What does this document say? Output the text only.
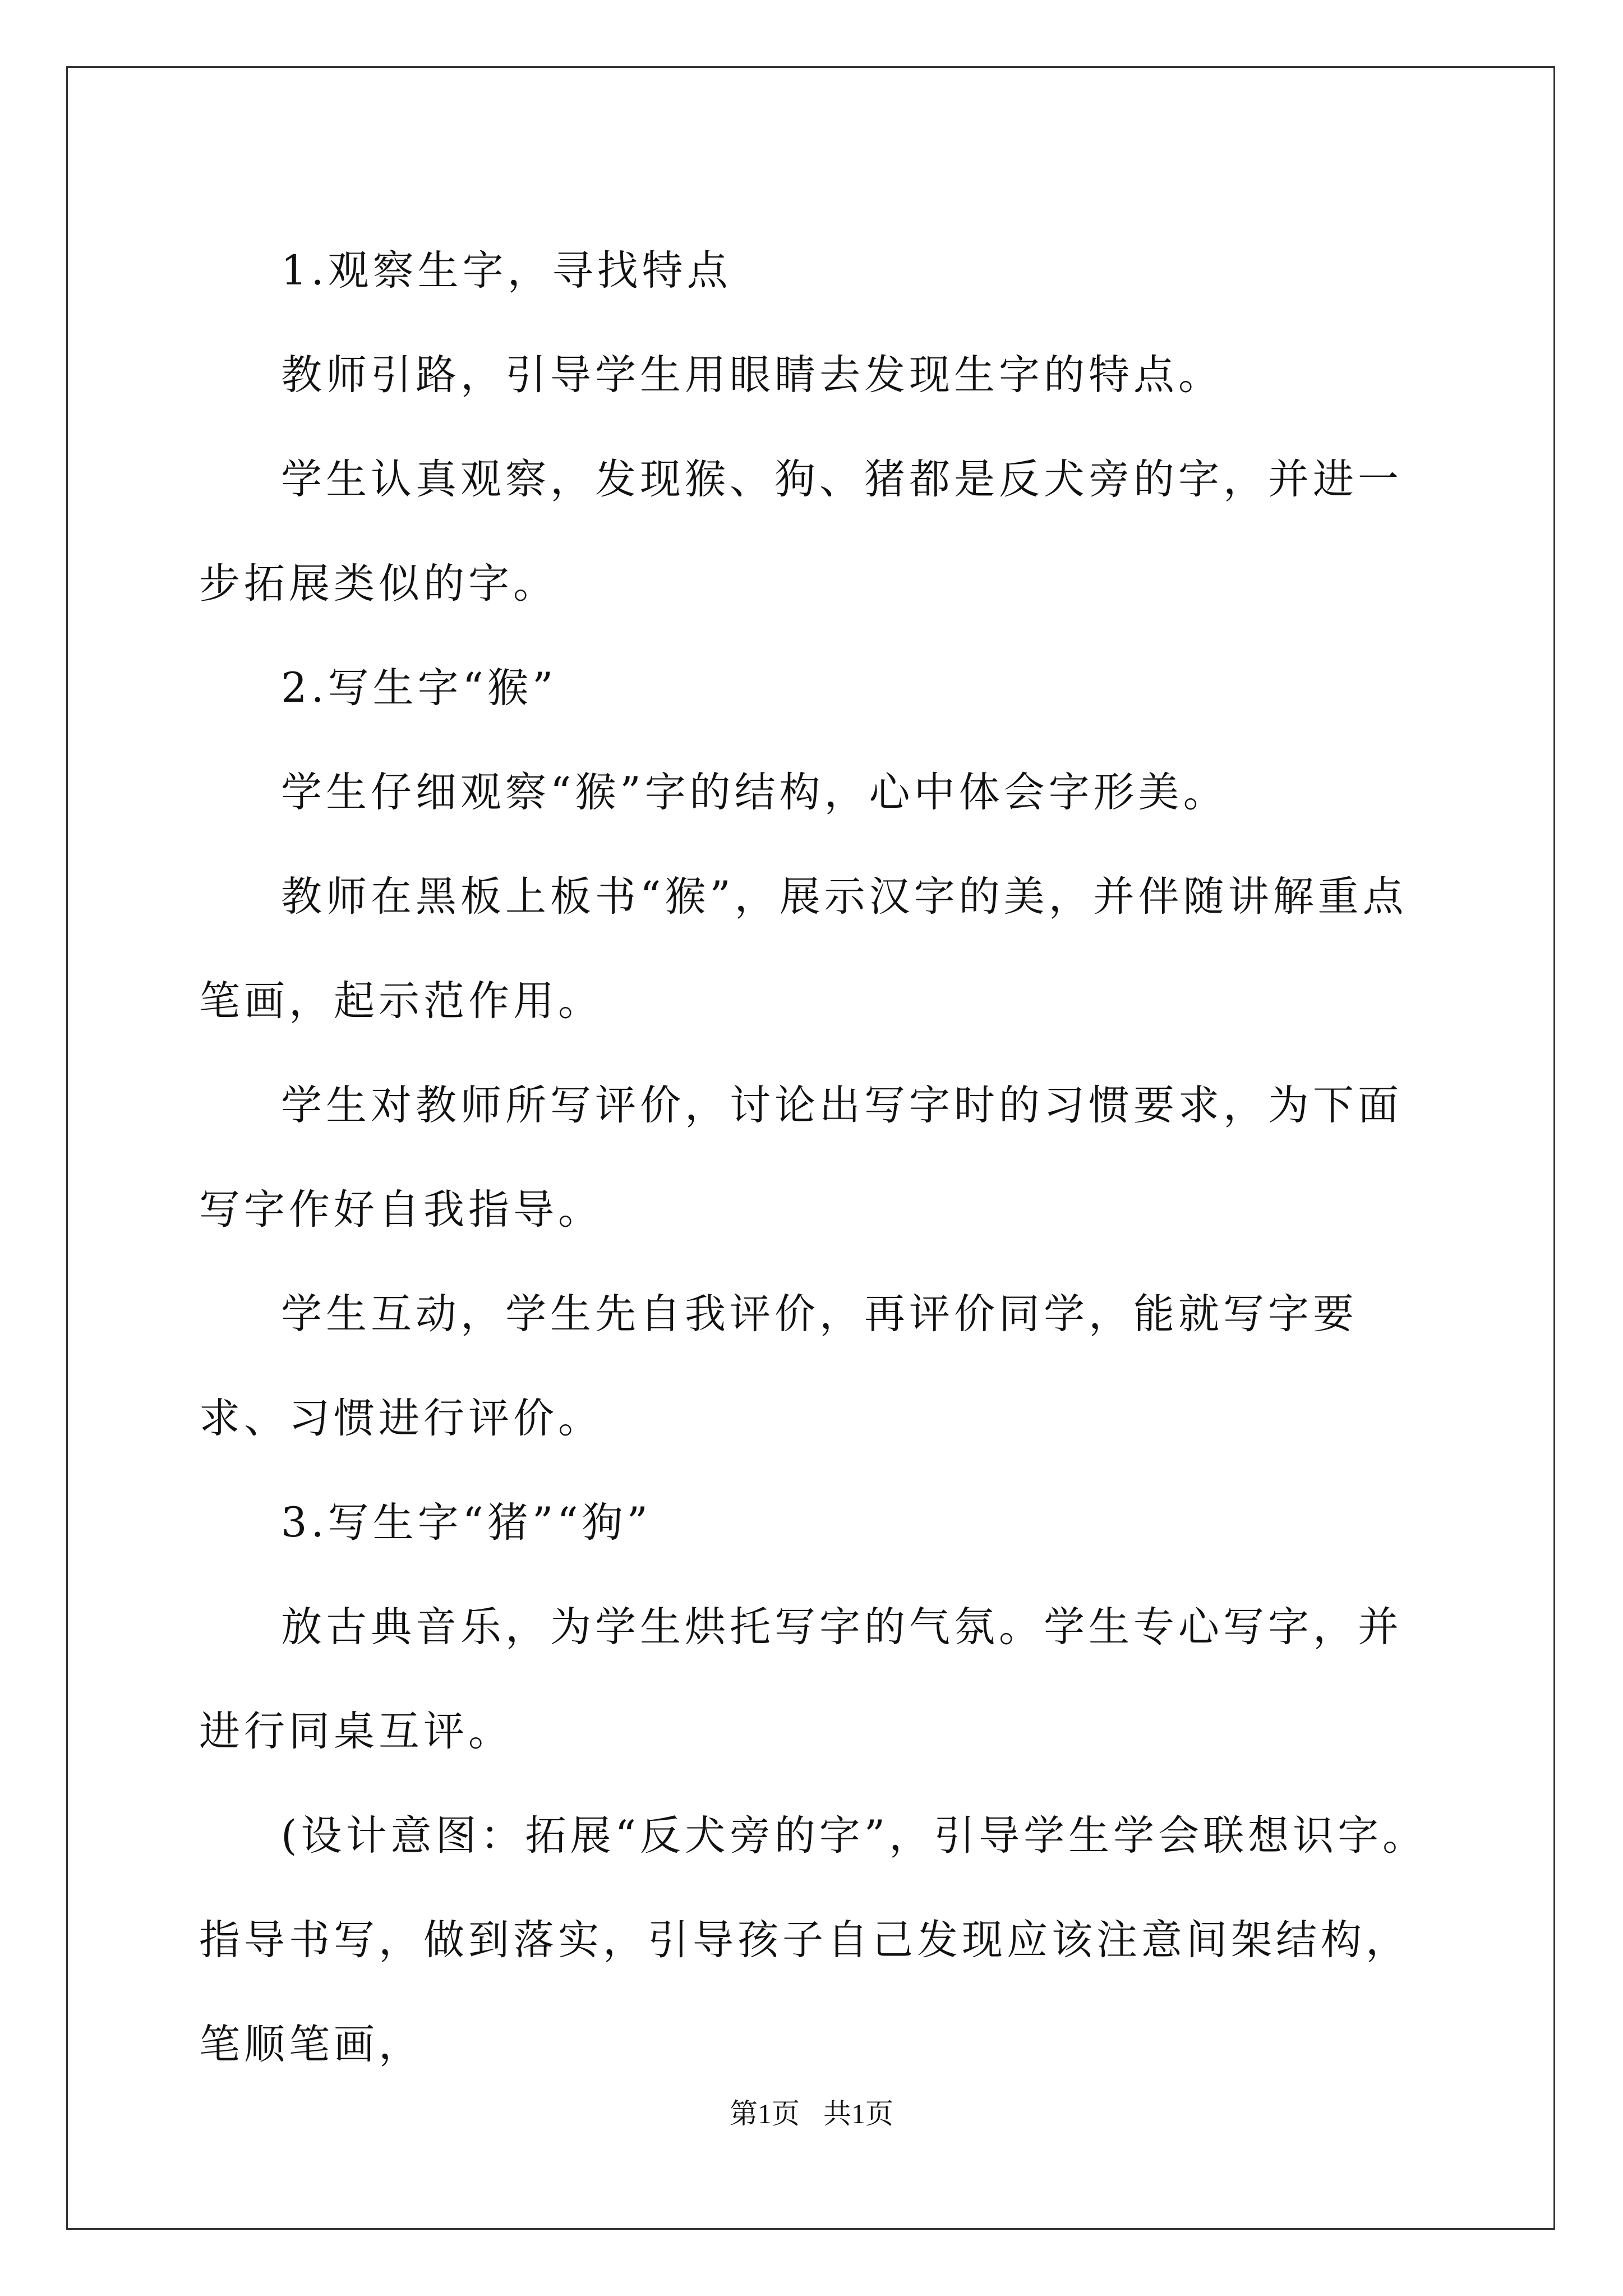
1.观察生字，寻找特点

教师引路，引导学生用眼睛去发现生字的特点。

学生认真观察，发现猴、狗、猪都是反犬旁的字，并进一步拓展类似的字。

2.写生字“猴”

学生仔细观察“猴”字的结构，心中体会字形美。

教师在黑板上板书“猴”，展示汉字的美，并伴随讲解重点笔画，起示范作用。

学生对教师所写评价，讨论出写字时的习惯要求，为下面写字作好自我指导。

学生互动，学生先自我评价，再评价同学，能就写字要求、习惯进行评价。

3.写生字“猪”“狗”

放古典音乐，为学生烘托写字的气氛。学生专心写字，并进行同桌互评。

(设计意图：拓展“反犬旁的字”，引导学生学会联想识字。指导书写，做到落实，引导孩子自己发现应该注意间架结构，笔顺笔画，

第1页 共1页
